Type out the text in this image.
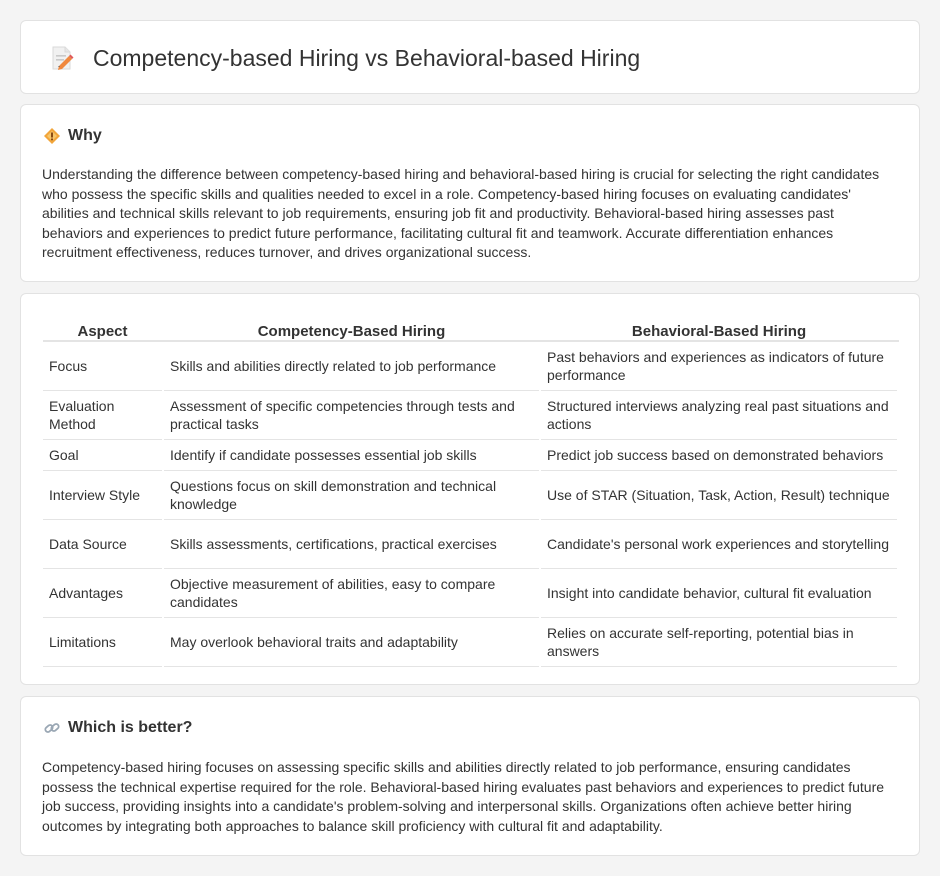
Competency-based Hiring vs Behavioral-based Hiring
Why

Understanding the difference between competency-based hiring and behavioral-based hiring is crucial for selecting the right candidates who possess the specific skills and qualities needed to excel in a role. Competency-based hiring focuses on evaluating candidates' abilities and technical skills relevant to job requirements, ensuring job fit and productivity. Behavioral-based hiring assesses past behaviors and experiences to predict future performance, facilitating cultural fit and teamwork. Accurate differentiation enhances recruitment effectiveness, reduces turnover, and drives organizational success.

Aspect	Competency-Based Hiring	Behavioral-Based Hiring
Focus	Skills and abilities directly related to job performance	Past behaviors and experiences as indicators of future performance
Evaluation Method	Assessment of specific competencies through tests and practical tasks	Structured interviews analyzing real past situations and actions
Goal	Identify if candidate possesses essential job skills	Predict job success based on demonstrated behaviors
Interview Style	Questions focus on skill demonstration and technical knowledge	Use of STAR (Situation, Task, Action, Result) technique
Data Source	Skills assessments, certifications, practical exercises	Candidate's personal work experiences and storytelling
Advantages	Objective measurement of abilities, easy to compare candidates	Insight into candidate behavior, cultural fit evaluation
Limitations	May overlook behavioral traits and adaptability	Relies on accurate self-reporting, potential bias in answers
Which is better?

Competency-based hiring focuses on assessing specific skills and abilities directly related to job performance, ensuring candidates possess the technical expertise required for the role. Behavioral-based hiring evaluates past behaviors and experiences to predict future job success, providing insights into a candidate's problem-solving and interpersonal skills. Organizations often achieve better hiring outcomes by integrating both approaches to balance skill proficiency with cultural fit and adaptability.
